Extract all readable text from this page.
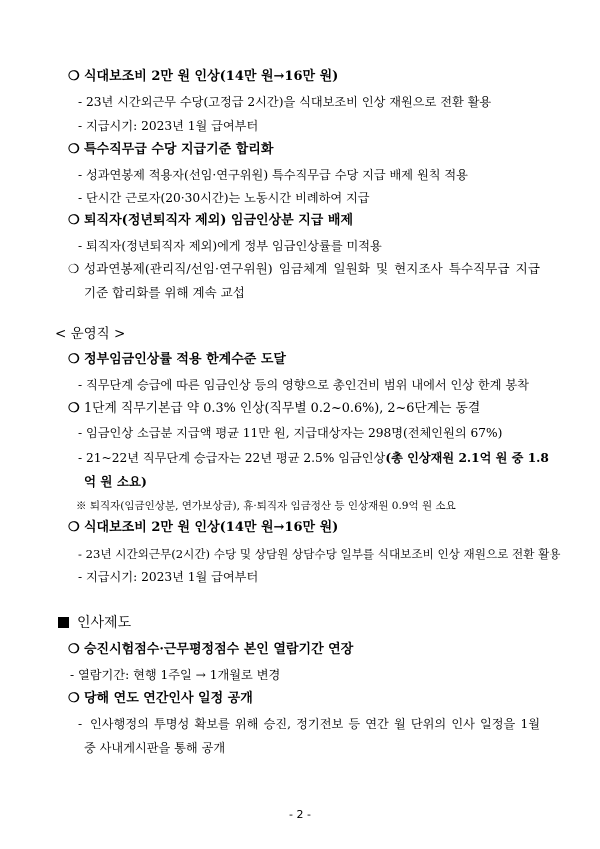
❍ 식대보조비 2만 원 인상(14만 원→16만 원)
- 23년 시간외근무 수당(고정급 2시간)을 식대보조비 인상 재원으로 전환 활용
- 지급시기: 2023년 1월 급여부터
❍ 특수직무급 수당 지급기준 합리화
- 성과연봉제 적용자(선임·연구위원) 특수직무급 수당 지급 배제 원칙 적용
- 단시간 근로자(20·30시간)는 노동시간 비례하여 지급
❍ 퇴직자(정년퇴직자 제외) 임금인상분 지급 배제
- 퇴직자(정년퇴직자 제외)에게 정부 임금인상률를 미적용
❍ 성과연봉제(관리직/선임·연구위원) 임금체계 일원화 및 현지조사 특수직무급 지급
기준 합리화를 위해 계속 교섭
< 운영직 >
❍ 정부임금인상률 적용 한계수준 도달
- 직무단계 승급에 따른 임금인상 등의 영향으로 총인건비 범위 내에서 인상 한계 봉착
❍ 1단계 직무기본급 약 0.3% 인상(직무별 0.2~0.6%), 2~6단계는 동결
- 임금인상 소급분 지급액 평균 11만 원, 지급대상자는 298명(전체인원의 67%)
- 21~22년 직무단계 승급자는 22년 평균 2.5% 임금인상(총 인상재원 2.1억 원 중 1.8
억 원 소요)
※ 퇴직자(임금인상분, 연가보상금), 휴·퇴직자 임금정산 등 인상재원 0.9억 원 소요
❍ 식대보조비 2만 원 인상(14만 원→16만 원)
- 23년 시간외근무(2시간) 수당 및 상담원 상담수당 일부를 식대보조비 인상 재원으로 전환 활용
- 지급시기: 2023년 1월 급여부터
인사제도
❍ 승진시험점수·근무평정점수 본인 열람기간 연장
- 열람기간: 현행 1주일 → 1개월로 변경
❍ 당해 연도 연간인사 일정 공개
- 인사행정의 투명성 확보를 위해 승진, 정기전보 등 연간 월 단위의 인사 일정을 1월
중 사내게시판을 통해 공개
- 2 -
